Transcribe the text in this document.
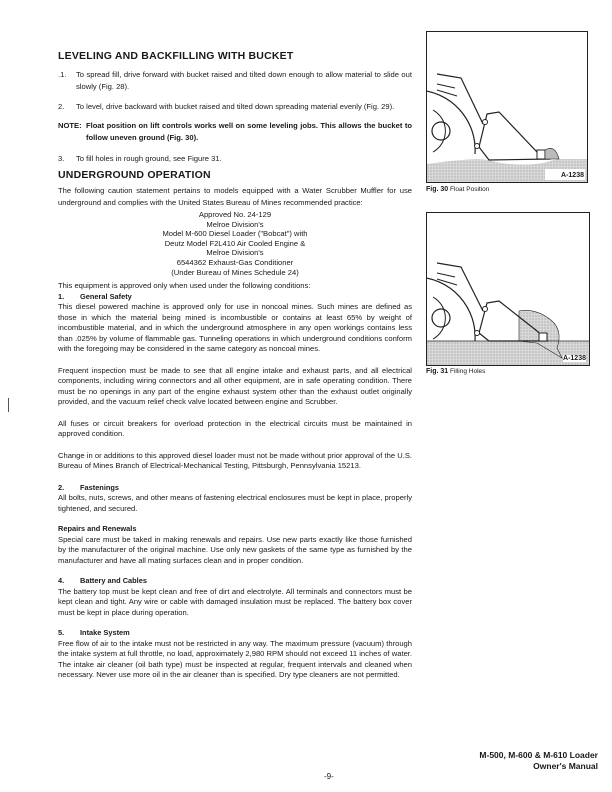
LEVELING AND BACKFILLING WITH BUCKET
.1.	To spread fill, drive forward with bucket raised and tilted down enough to allow material to slide out slowly (Fig. 28).
2.	To level, drive backward with bucket raised and tilted down spreading material evenly (Fig. 29).
NOTE: Float position on lift controls works well on some leveling jobs. This allows the bucket to follow uneven ground (Fig. 30).
3.	To fill holes in rough ground, see Figure 31.
UNDERGROUND OPERATION
The following caution statement pertains to models equipped with a Water Scrubber Muffler for use underground and complies with the United States Bureau of Mines recommended practice:
Approved No. 24-129
Melroe Division's
Model M-600 Diesel Loader ("Bobcat") with
Deutz Model F2L410 Air Cooled Engine &
Melroe Division's
6544362 Exhaust-Gas Conditioner
(Under Bureau of Mines Schedule 24)
This equipment is approved only when used under the following conditions:
1.	General Safety
This diesel powered machine is approved only for use in noncoal mines. Such mines are defined as those in which the material being mined is incombustible or contains at least 65% by weight of incombustible material, and in which the underground atmosphere in any open workings contains less than .025% by volume of flammable gas. Tunneling operations in which underground conditions conform with the foregoing may be considered in the same category as noncoal mines.
Frequent inspection must be made to see that all engine intake and exhaust parts, and all electrical components, including wiring connectors and all other equipment, are in safe operating condition. There must be no openings in any part of the engine exhaust system other than the exhaust outlet originally provided, and the vacuum relief check valve located between engine and Scrubber.
All fuses or circuit breakers for overload protection in the electrical circuits must be maintained in approved condition.
Change in or additions to this approved diesel loader must not be made without prior approval of the U.S. Bureau of Mines Branch of Electrical-Mechanical Testing, Pittsburgh, Pennsylvania 15213.
2.	Fastenings
All bolts, nuts, screws, and other means of fastening electrical enclosures must be kept in place, properly tightened, and secured.
Repairs and Renewals
Special care must be taked in making renewals and repairs. Use new parts exactly like those furnished by the manufacturer of the original machine. Use only new gaskets of the same type as furnished by the manufacturer and have all mating surfaces clean and in proper condition.
4.	Battery and Cables
The battery top must be kept clean and free of dirt and electrolyte. All terminals and connectors must be kept clean and tight. Any wire or cable with damaged insulation must be replaced. The battery box cover must be kept in place during operation.
5.	Intake System
Free flow of air to the intake must not be restricted in any way. The maximum pressure (vacuum) through the intake system at full throttle, no load, approximately 2,980 RPM should not exceed 11 inches of water. The intake air cleaner (oil bath type) must be inspected at regular, frequent intervals and cleaned when necessary. Never use more oil in the air cleaner than is specified. Dry type cleaners are not permitted.
A-1238
Fig. 30 Float Position
A-1238
Fig. 31 Filling Holes
-9-
M-500, M-600 & M-610 Loader
Owner's Manual
